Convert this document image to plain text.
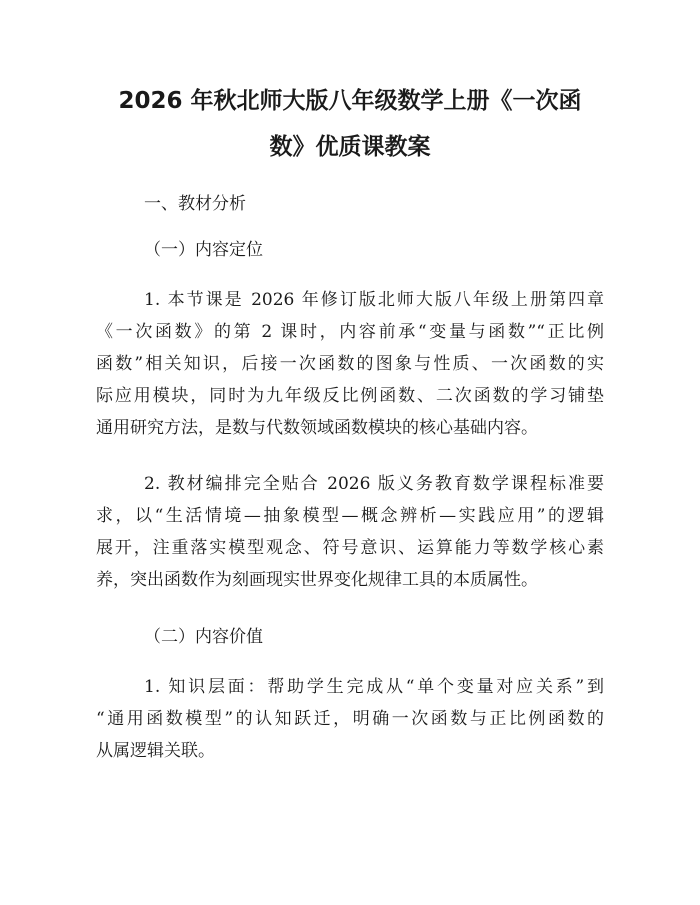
2026 年秋北师大版八年级数学上册《一次函
数》优质课教案

一、教材分析

（一）内容定位

1. 本节课是 2026 年修订版北师大版八年级上册第四章
《一次函数》的第 2 课时，内容前承“变量与函数”“正比例
函数”相关知识，后接一次函数的图象与性质、一次函数的实
际应用模块，同时为九年级反比例函数、二次函数的学习铺垫
通用研究方法，是数与代数领域函数模块的核心基础内容。
2. 教材编排完全贴合 2026 版义务教育数学课程标准要
求，以“生活情境—抽象模型—概念辨析—实践应用”的逻辑
展开，注重落实模型观念、符号意识、运算能力等数学核心素
养，突出函数作为刻画现实世界变化规律工具的本质属性。

（二）内容价值

1. 知识层面：帮助学生完成从“单个变量对应关系”到
“通用函数模型”的认知跃迁，明确一次函数与正比例函数的
从属逻辑关联。
